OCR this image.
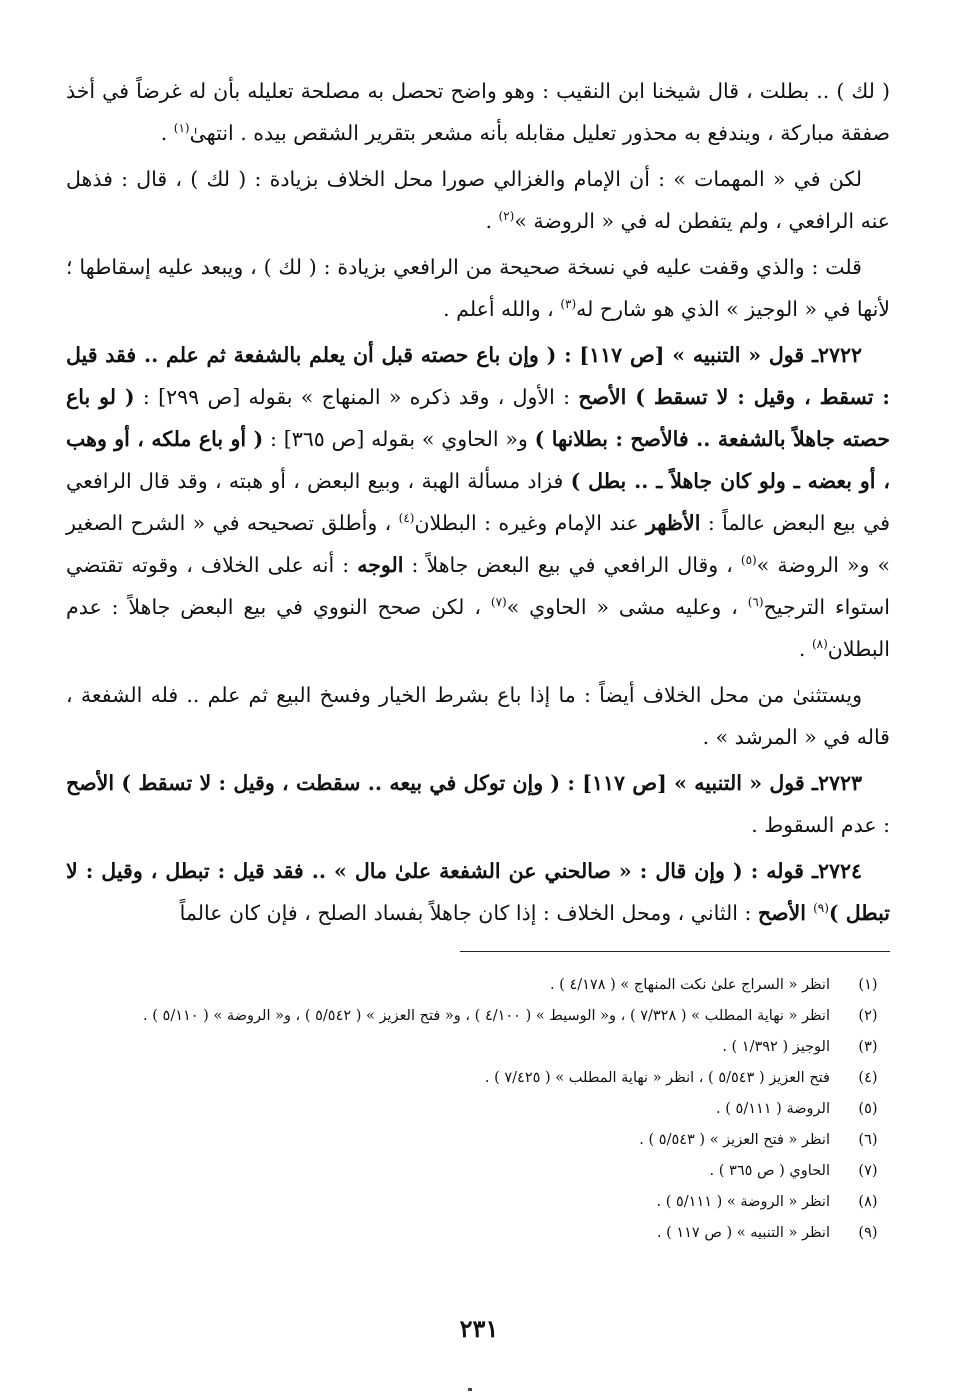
( لك ) .. بطلت ، قال شيخنا ابن النقيب : وهو واضح تحصل به مصلحة تعليله بأن له غرضاً في أخذ صفقة مباركة ، ويندفع به محذور تعليل مقابله بأنه مشعر بتقرير الشقص بيده . انتهىٰ$^{(١)}$ .

لكن في « المهمات » : أن الإمام والغزالي صورا محل الخلاف بزيادة : ( لك ) ، قال : فذهل عنه الرافعي ، ولم يتفطن له في « الروضة »$^{(٢)}$ .

قلت : والذي وقفت عليه في نسخة صحيحة من الرافعي بزيادة : ( لك ) ، ويبعد عليه إسقاطها ؛ لأنها في « الوجيز » الذي هو شارح له$^{(٣)}$ ، والله أعلم .

٢٧٢٢ـ قول « التنبيه » [ص ١١٧] : ( وإن باع حصته قبل أن يعلم بالشفعة ثم علم .. فقد قيل : تسقط ، وقيل : لا تسقط ) الأصح : الأول ، وقد ذكره « المنهاج » بقوله [ص ٢٩٩] : ( لو باع حصته جاهلاً بالشفعة .. فالأصح : بطلانها ) و« الحاوي » بقوله [ص ٣٦٥] : ( أو باع ملكه ، أو وهب ، أو بعضه ـ ولو كان جاهلاً ـ .. بطل ) فزاد مسألة الهبة ، وبيع البعض ، أو هبته ، وقد قال الرافعي في بيع البعض عالماً : الأظهر عند الإمام وغيره : البطلان$^{(٤)}$ ، وأطلق تصحيحه في « الشرح الصغير » و« الروضة »$^{(٥)}$ ، وقال الرافعي في بيع البعض جاهلاً : الوجه : أنه على الخلاف ، وقوته تقتضي استواء الترجيح$^{(٦)}$ ، وعليه مشى « الحاوي »$^{(٧)}$ ، لكن صحح النووي في بيع البعض جاهلاً : عدم البطلان$^{(٨)}$ .

ويستثنىٰ من محل الخلاف أيضاً : ما إذا باع بشرط الخيار وفسخ البيع ثم علم .. فله الشفعة ، قاله في « المرشد » .

٢٧٢٣ـ قول « التنبيه » [ص ١١٧] : ( وإن توكل في بيعه .. سقطت ، وقيل : لا تسقط ) الأصح : عدم السقوط .

٢٧٢٤ـ قوله : ( وإن قال : « صالحني عن الشفعة علىٰ مال » .. فقد قيل : تبطل ، وقيل : لا تبطل )$^{(٩)}$ الأصح : الثاني ، ومحل الخلاف : إذا كان جاهلاً بفساد الصلح ، فإن كان عالماً

(١)
انظر « السراج علىٰ نكت المنهاج » ( ٤/١٧٨ ) .
(٢)
انظر « نهاية المطلب » ( ٧/٣٢٨ ) ، و« الوسيط » ( ٤/١٠٠ ) ، و« فتح العزيز » ( ٥/٥٤٢ ) ، و« الروضة » ( ٥/١١٠ ) .
(٣)
الوجيز ( ١/٣٩٢ ) .
(٤)
فتح العزيز ( ٥/٥٤٣ ) ، انظر « نهاية المطلب » ( ٧/٤٢٥ ) .
(٥)
الروضة ( ٥/١١١ ) .
(٦)
انظر « فتح العزيز » ( ٥/٥٤٣ ) .
(٧)
الحاوي ( ص ٣٦٥ ) .
(٨)
انظر « الروضة » ( ٥/١١١ ) .
(٩)
انظر « التنبيه » ( ص ١١٧ ) .
٢٣١
